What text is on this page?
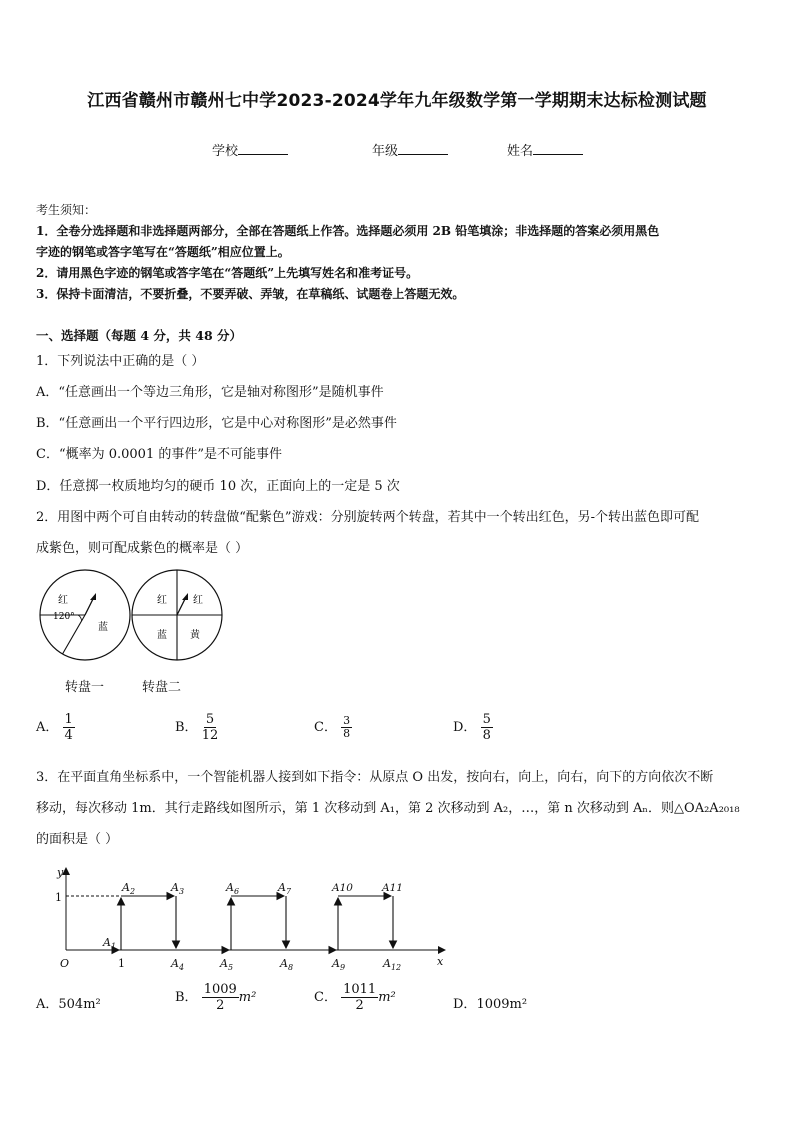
江西省赣州市赣州七中学2023-2024学年九年级数学第一学期期末达标检测试题
学校	年级	姓名
考生须知：
1．全卷分选择题和非选择题两部分，全部在答题纸上作答。选择题必须用 2B 铅笔填涂；非选择题的答案必须用黑色
字迹的钢笔或答字笔写在“答题纸”相应位置上。
2．请用黑色字迹的钢笔或答字笔在“答题纸”上先填写姓名和准考证号。
3．保持卡面清洁，不要折叠，不要弄破、弄皱，在草稿纸、试题卷上答题无效。
一、选择题（每题 4 分，共 48 分）
1．下列说法中正确的是（ ）
A．“任意画出一个等边三角形，它是轴对称图形”是随机事件
B．“任意画出一个平行四边形，它是中心对称图形”是必然事件
C．“概率为 0.0001 的事件”是不可能事件
D．任意掷一枚质地均匀的硬币 10 次，正面向上的一定是 5 次
2．用图中两个可自由转动的转盘做“配紫色”游戏：分别旋转两个转盘，若其中一个转出红色，另-个转出蓝色即可配
成紫色，则可配成紫色的概率是（ ）
红
120°
蓝
红	红
蓝 黄
转盘一	转盘二
A． $\frac{1}{4}$	B． $\frac{5}{12}$	C． $\frac{3}{8}$	D． $\frac{5}{8}$
3．在平面直角坐标系中，一个智能机器人接到如下指令：从原点 O 出发，按向右，向上，向右，向下的方向依次不断
移动，每次移动 1m．其行走路线如图所示，第 1 次移动到 A₁，第 2 次移动到 A₂，…，第 n 次移动到 Aₙ．则△OA₂A₂₀₁₈
的面积是（ ）
y
x
O
$A_1$
$A_2$	$A_3$
$A_4$	$A_5$
$A_6$	$A_7$
$A_8$	$A_9$
A10	A11
$A_{12}$
1
1
A．504m²	B． $\frac{1009}{2} m^2$	C． $\frac{1011}{2} m^2$	D．1009m²
